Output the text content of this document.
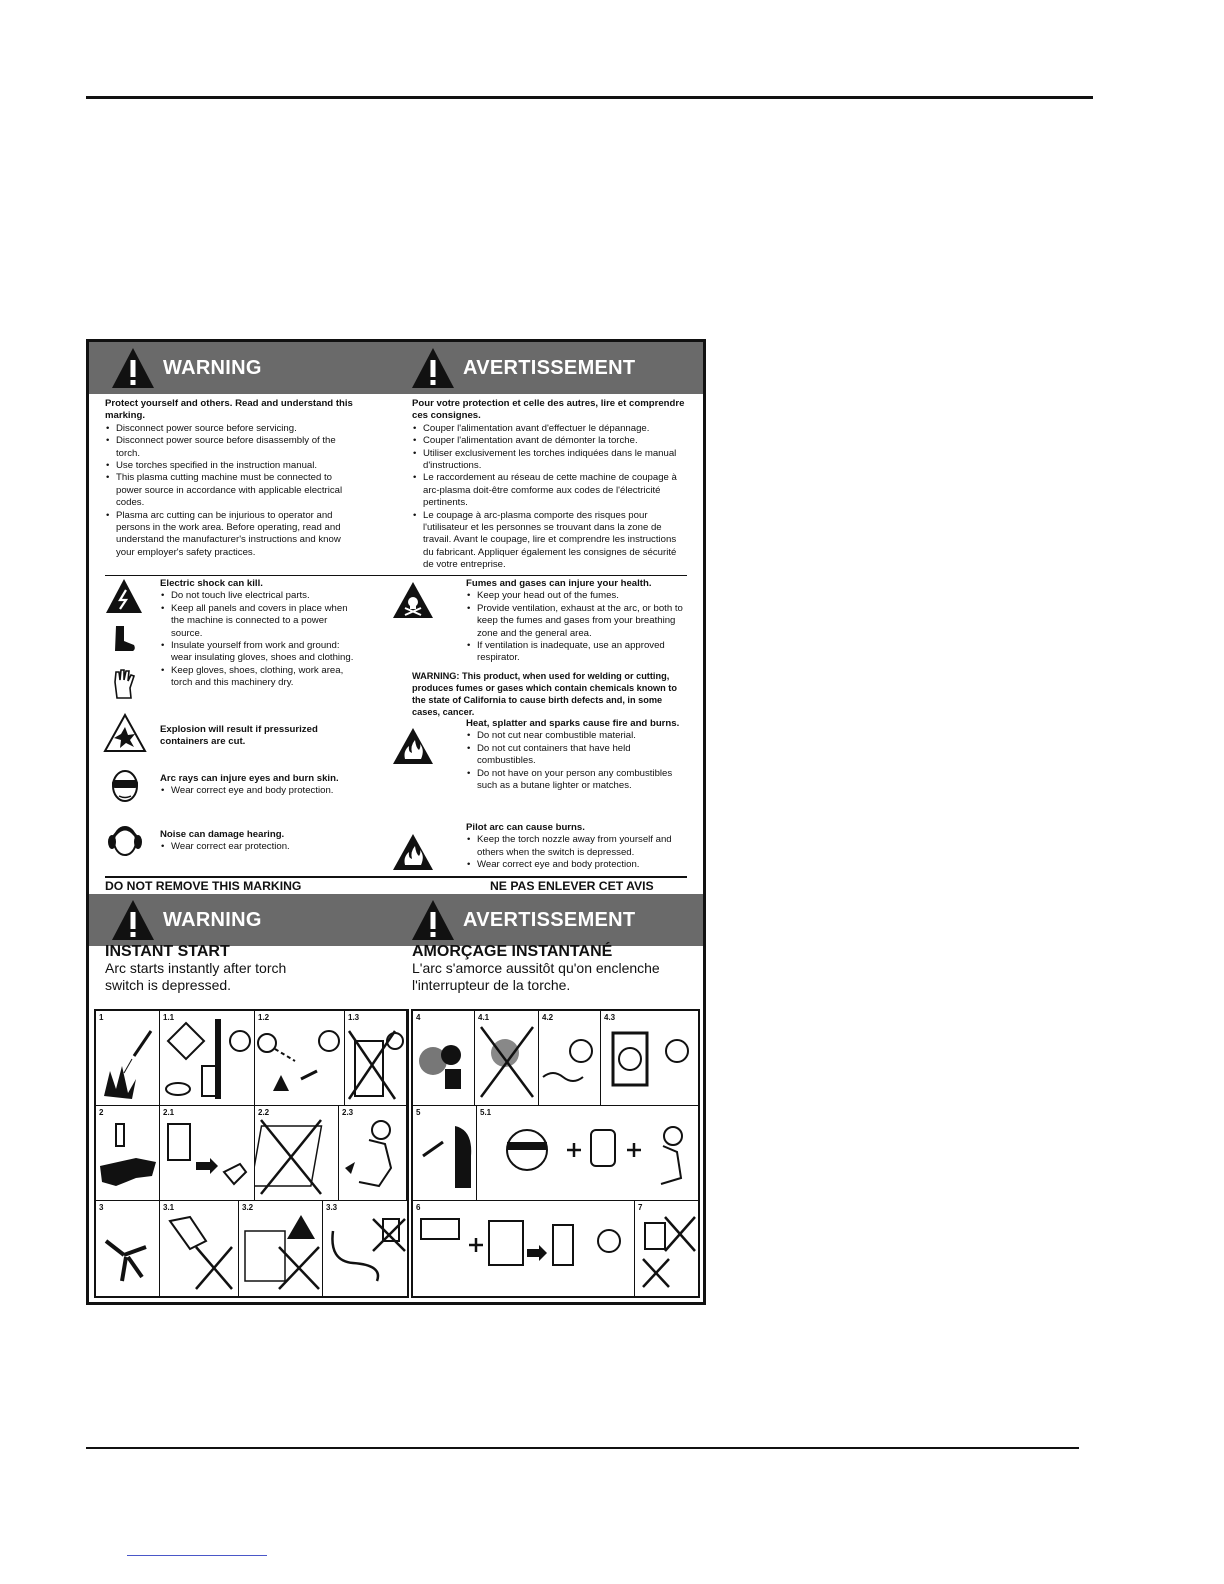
WARNING	AVERTISSEMENT
Protect yourself and others. Read and understand this marking.
• Disconnect power source before servicing.
• Disconnect power source before disassembly of the torch.
• Use torches specified in the instruction manual.
• This plasma cutting machine must be connected to power source in accordance with applicable electrical codes.
• Plasma arc cutting can be injurious to operator and persons in the work area. Before operating, read and understand the manufacturer's instructions and know your employer's safety practices.
Pour votre protection et celle des autres, lire et comprendre ces consignes.
• Couper l'alimentation avant d'effectuer le dépannage.
• Couper l'alimentation avant de démonter la torche.
• Utiliser exclusivement les torches indiquées dans le manual d'instructions.
• Le raccordement au réseau de cette machine de coupage à arc-plasma doit-être comforme aux codes de l'électricité pertinents.
• Le coupage à arc-plasma comporte des risques pour l'utilisateur et les personnes se trouvant dans la zone de travail. Avant le coupage, lire et comprendre les instructions du fabricant. Appliquer également les consignes de sécurité de votre entreprise.
Electric shock can kill.
• Do not touch live electrical parts.
• Keep all panels and covers in place when the machine is connected to a power source.
• Insulate yourself from work and ground: wear insulating gloves, shoes and clothing.
• Keep gloves, shoes, clothing, work area, torch and this machinery dry.
Explosion will result if pressurized containers are cut.
Arc rays can injure eyes and burn skin.
• Wear correct eye and body protection.
Noise can damage hearing.
• Wear correct ear protection.
Fumes and gases can injure your health.
• Keep your head out of the fumes.
• Provide ventilation, exhaust at the arc, or both to keep the fumes and gases from your breathing zone and the general area.
• If ventilation is inadequate, use an approved respirator.
WARNING: This product, when used for welding or cutting, produces fumes or gases which contain chemicals known to the state of California to cause birth defects and, in some cases, cancer.
Heat, splatter and sparks cause fire and burns.
• Do not cut near combustible material.
• Do not cut containers that have held combustibles.
• Do not have on your person any combustibles such as a butane lighter or matches.
Pilot arc can cause burns.
• Keep the torch nozzle away from yourself and others when the switch is depressed.
• Wear correct eye and body protection.
DO NOT REMOVE THIS MARKING	NE PAS ENLEVER CET AVIS
WARNING	AVERTISSEMENT
INSTANT START
Arc starts instantly after torch switch is depressed.
AMORÇAGE INSTANTANÉ
L'arc s'amorce aussitôt qu'on enclenche l'interrupteur de la torche.
1	1.1	1.2	1.3
2	2.1	2.2	2.3
3	3.1	3.2	3.3
4	4.1	4.2	4.3
5	5.1
6	7
